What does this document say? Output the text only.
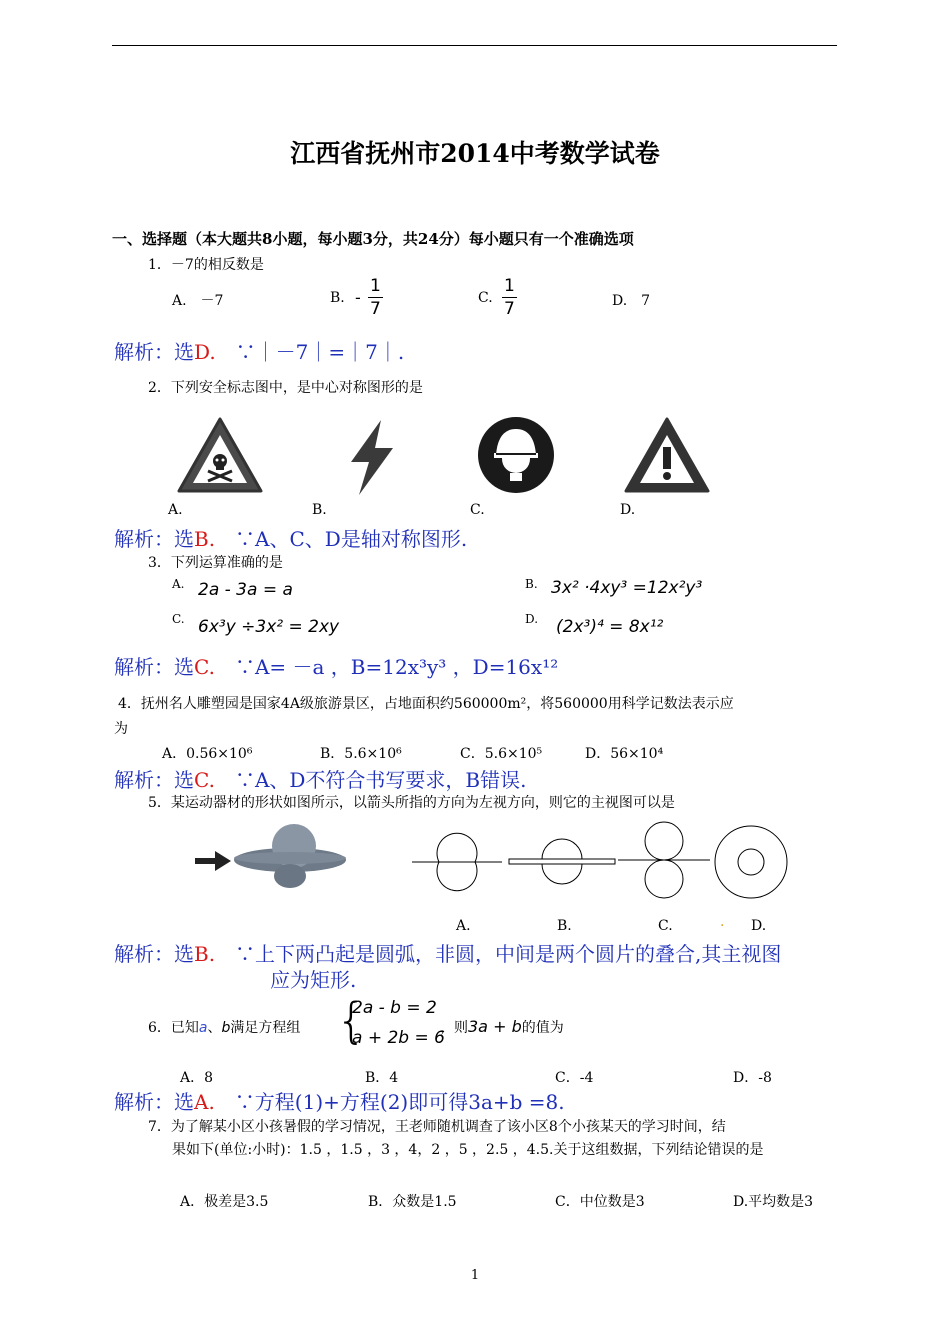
江西省抚州市2014中考数学试卷
一、选择题（本大题共8小题，每小题3分，共24分）每小题只有一个准确选项
1．－7的相反数是
A.　－7	B. - $\frac{1}{7}$	C. $\frac{1}{7}$	D.　7
解析：选D.　∵｜－7｜=｜7｜.
2．下列安全标志图中，是中心对称图形的是
A.	B.	C.	D.
解析：选B.　∵A、C、D是轴对称图形.
3．下列运算准确的是
A. 2a - 3a = a	B. 3x² ·4xy³ =12x²y³
C. 6x³y ÷3x² = 2xy	D. (2x³)⁴ = 8x¹²
解析：选C.　∵A= －a ，B=12x³y³ ，D=16x¹²
4．抚州名人雕塑园是国家4A级旅游景区，占地面积约560000m²，将560000用科学记数法表示应
为
A．0.56×10⁶	B．5.6×10⁶	C．5.6×10⁵	D．56×10⁴
解析：选C.　∵A、D不符合书写要求，B错误.
5．某运动器材的形状如图所示，以箭头所指的方向为左视方向，则它的主视图可以是
A.	B.	C.	. D.
解析：选B.　∵上下两凸起是圆弧，非圆，中间是两个圆片的叠合,其主视图
应为矩形.
6．已知a、b满足方程组 {
2a - b = 2
a + 2b = 6
，则3a + b的值为
A．8	B．4	C．-4	D．-8
解析：选A.　∵方程(1)+方程(2)即可得3a+b =8.
7．为了解某小区小孩暑假的学习情况，王老师随机调查了该小区8个小孩某天的学习时间，结
果如下(单位:小时)：1.5 ，1.5 ，3 ，4，2 ，5 ，2.5 ，4.5.关于这组数据，下列结论错误的是
A．极差是3.5	B．众数是1.5	C．中位数是3	D.平均数是3
1
